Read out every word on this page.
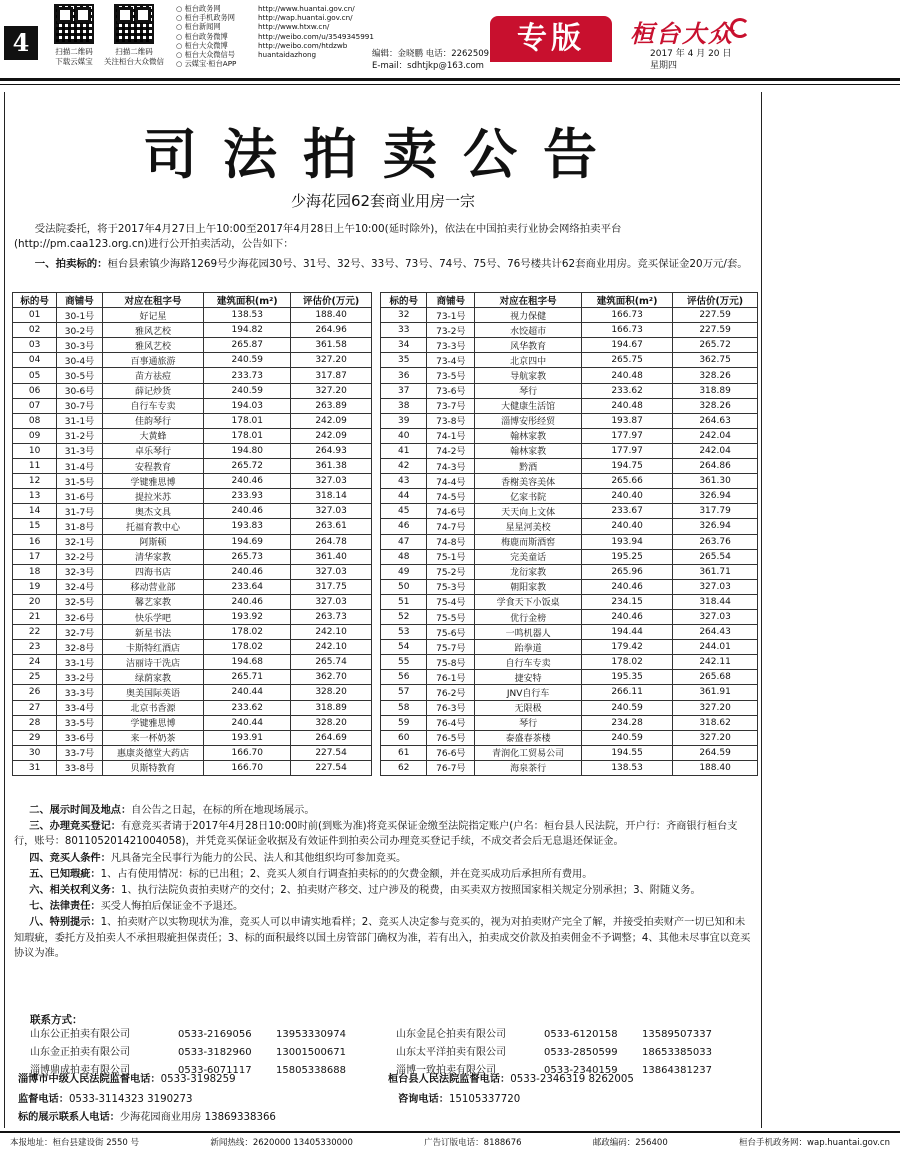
4	扫描二维码
下载云媒宝
扫描二维码
关注桓台大众微信
○ 桓台政务网	http://www.huantai.gov.cn/
○ 桓台手机政务网	http://wap.huantai.gov.cn/
○ 桓台新闻网	http://www.htxw.cn/
○ 桓台政务微博	http://weibo.com/u/3549345991
○ 桓台大众微博	http://weibo.com/htdzwb
○ 桓台大众微信号	huantaidazhong
○ 云媒宝·桓台APP
编辑：金晓鹏 电话：2262509
E-mail：sdhtjkp@163.com
专版	桓台大众
2017 年 4 月 20 日
星期四
司法拍卖公告
少海花园62套商业用房一宗

受法院委托，将于2017年4月27日上午10:00至2017年4月28日上午10:00(延时除外)，依法在中国拍卖行业协会网络拍卖平台(http://pm.caa123.org.cn)进行公开拍卖活动，公告如下：

一、拍卖标的：桓台县索镇少海路1269号少海花园30号、31号、32号、33号、73号、74号、75号、76号楼共计62套商业用房。竞买保证金20万元/套。

标的号	商铺号	对应在租字号	建筑面积(m²)	评估价(万元)
01	30-1号	好记星	138.53	188.40
02	30-2号	雅风艺校	194.82	264.96
03	30-3号	雅风艺校	265.87	361.58
04	30-4号	百事通旅游	240.59	327.20
05	30-5号	苗方祛痘	233.73	317.87
06	30-6号	薛记炒货	240.59	327.20
07	30-7号	自行车专卖	194.03	263.89
08	31-1号	佳韵琴行	178.01	242.09
09	31-2号	大黄蜂	178.01	242.09
10	31-3号	卓乐琴行	194.80	264.93
11	31-4号	安程教育	265.72	361.38
12	31-5号	学键雅思博	240.46	327.03
13	31-6号	提拉米苏	233.93	318.14
14	31-7号	奥杰文具	240.46	327.03
15	31-8号	托福育教中心	193.83	263.61
16	32-1号	阿斯顿	194.69	264.78
17	32-2号	清华家教	265.73	361.40
18	32-3号	四海书店	240.46	327.03
19	32-4号	移动营业部	233.64	317.75
20	32-5号	馨艺家教	240.46	327.03
21	32-6号	快乐学吧	193.92	263.73
22	32-7号	新星书法	178.02	242.10
23	32-8号	卡斯特红酒店	178.02	242.10
24	33-1号	洁丽诗干洗店	194.68	265.74
25	33-2号	绿荫家教	265.71	362.70
26	33-3号	奥美国际英语	240.44	328.20
27	33-4号	北京书香源	233.62	318.89
28	33-5号	学键雅思博	240.44	328.20
29	33-6号	来一杯奶茶	193.91	264.69
30	33-7号	惠康炎德堂大药店	166.70	227.54
31	33-8号	贝斯特教育	166.70	227.54
标的号	商铺号	对应在租字号	建筑面积(m²)	评估价(万元)
32	73-1号	视力保健	166.73	227.59
33	73-2号	水饺超市	166.73	227.59
34	73-3号	风华教育	194.67	265.72
35	73-4号	北京四中	265.75	362.75
36	73-5号	导航家教	240.48	328.26
37	73-6号	琴行	233.62	318.89
38	73-7号	大健康生活馆	240.48	328.26
39	73-8号	淄博安彤经贸	193.87	264.63
40	74-1号	翰林家教	177.97	242.04
41	74-2号	翰林家教	177.97	242.04
42	74-3号	黔酒	194.75	264.86
43	74-4号	香榭美容美体	265.66	361.30
44	74-5号	亿家书院	240.40	326.94
45	74-6号	天天向上文体	233.67	317.79
46	74-7号	星星河美校	240.40	326.94
47	74-8号	梅鹿而斯酒窖	193.94	263.76
48	75-1号	完美童话	195.25	265.54
49	75-2号	龙衍家教	265.96	361.71
50	75-3号	朝阳家教	240.46	327.03
51	75-4号	学食天下小饭桌	234.15	318.44
52	75-5号	优行金榜	240.46	327.03
53	75-6号	一鸣机器人	194.44	264.43
54	75-7号	跆拳道	179.42	244.01
55	75-8号	自行车专卖	178.02	242.11
56	76-1号	捷安特	195.35	265.68
57	76-2号	JNV自行车	266.11	361.91
58	76-3号	无限极	240.59	327.20
59	76-4号	琴行	234.28	318.62
60	76-5号	泰盛春茶楼	240.59	327.20
61	76-6号	青润化工贸易公司	194.55	264.59
62	76-7号	海泉茶行	138.53	188.40

二、展示时间及地点：自公告之日起，在标的所在地现场展示。

三、办理竞买登记：有意竞买者请于2017年4月28日10:00时前(到账为准)将竞买保证金缴至法院指定账户(户名：桓台县人民法院，开户行：齐商银行桓台支行，账号：801105201421004058)，并凭竞买保证金收据及有效证件到拍卖公司办理竞买登记手续，不成交者会后无息退还保证金。

四、竞买人条件：凡具备完全民事行为能力的公民、法人和其他组织均可参加竞买。

五、已知瑕疵：1、占有使用情况：标的已出租；2、竞买人须自行调查拍卖标的的欠费金额，并在竞买成功后承担所有费用。

六、相关权利义务：1、执行法院负责拍卖财产的交付；2、拍卖财产移交、过户涉及的税费，由买卖双方按照国家相关规定分别承担；3、附随义务。

七、法律责任：买受人悔拍后保证金不予退还。

八、特别提示：1、拍卖财产以实物现状为准，竞买人可以申请实地看样；2、竞买人决定参与竞买的，视为对拍卖财产完全了解，并接受拍卖财产一切已知和未知瑕疵，委托方及拍卖人不承担瑕疵担保责任；3、标的面积最终以国土房管部门确权为准，若有出入，拍卖成交价款及拍卖佣金不予调整；4、其他未尽事宜以竞买协议为准。

联系方式：
山东公正拍卖有限公司	0533-2169056 13953330974
山东金正拍卖有限公司	0533-3182960 13001500671
淄博鼎成拍卖有限公司	0533-6071117 15805338688
山东金昆仑拍卖有限公司	0533-6120158 13589507337
山东太平洋拍卖有限公司	0533-2850599 18653385033
淄博一致拍卖有限公司	0533-2340159 13864381237
淄博市中级人民法院监督电话：0533-3198259	桓台县人民法院监督电话：0533-2346319 8262005
监督电话：0533-3114323 3190273	咨询电话：15105337720
标的展示联系人电话：少海花园商业用房 13869338366
本报地址：桓台县建设街 2550 号	新闻热线：2620000 13405330000	广告订版电话：8188676	邮政编码：256400	桓台手机政务网：wap.huantai.gov.cn
